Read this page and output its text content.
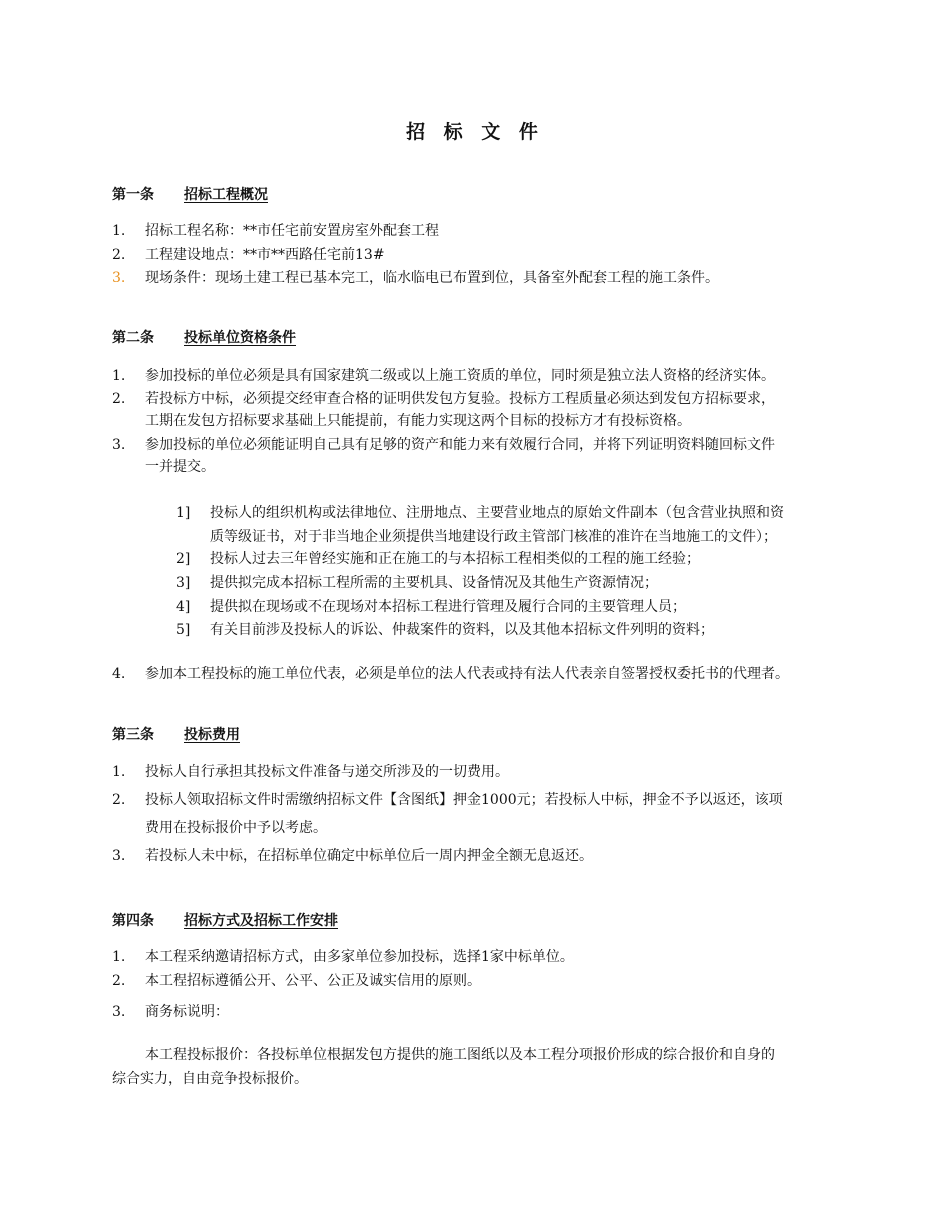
招 标 文 件
第一条 招标工程概况
1.	招标工程名称：**市任宅前安置房室外配套工程
2.	工程建设地点：**市**西路任宅前13#
3.	现场条件：现场土建工程已基本完工，临水临电已布置到位，具备室外配套工程的施工条件。
第二条 投标单位资格条件
1.	参加投标的单位必须是具有国家建筑二级或以上施工资质的单位，同时须是独立法人资格的经济实体。
2.	若投标方中标，必须提交经审查合格的证明供发包方复验。投标方工程质量必须达到发包方招标要求，
工期在发包方招标要求基础上只能提前，有能力实现这两个目标的投标方才有投标资格。
3.	参加投标的单位必须能证明自己具有足够的资产和能力来有效履行合同，并将下列证明资料随回标文件
一并提交。
1]	投标人的组织机构或法律地位、注册地点、主要营业地点的原始文件副本（包含营业执照和资
质等级证书，对于非当地企业须提供当地建设行政主管部门核准的准许在当地施工的文件）；
2]	投标人过去三年曾经实施和正在施工的与本招标工程相类似的工程的施工经验；
3]	提供拟完成本招标工程所需的主要机具、设备情况及其他生产资源情况；
4]	提供拟在现场或不在现场对本招标工程进行管理及履行合同的主要管理人员；
5]	有关目前涉及投标人的诉讼、仲裁案件的资料，以及其他本招标文件列明的资料；
4.	参加本工程投标的施工单位代表，必须是单位的法人代表或持有法人代表亲自签署授权委托书的代理者。
第三条 投标费用
1.	投标人自行承担其投标文件准备与递交所涉及的一切费用。
2.	投标人领取招标文件时需缴纳招标文件【含图纸】押金1000元；若投标人中标，押金不予以返还，该项
费用在投标报价中予以考虑。
3.	若投标人未中标，在招标单位确定中标单位后一周内押金全额无息返还。
第四条 招标方式及招标工作安排
1.	本工程采纳邀请招标方式，由多家单位参加投标，选择1家中标单位。
2.	本工程招标遵循公开、公平、公正及诚实信用的原则。
3.	商务标说明：
本工程投标报价：各投标单位根据发包方提供的施工图纸以及本工程分项报价形成的综合报价和自身的
综合实力，自由竞争投标报价。
